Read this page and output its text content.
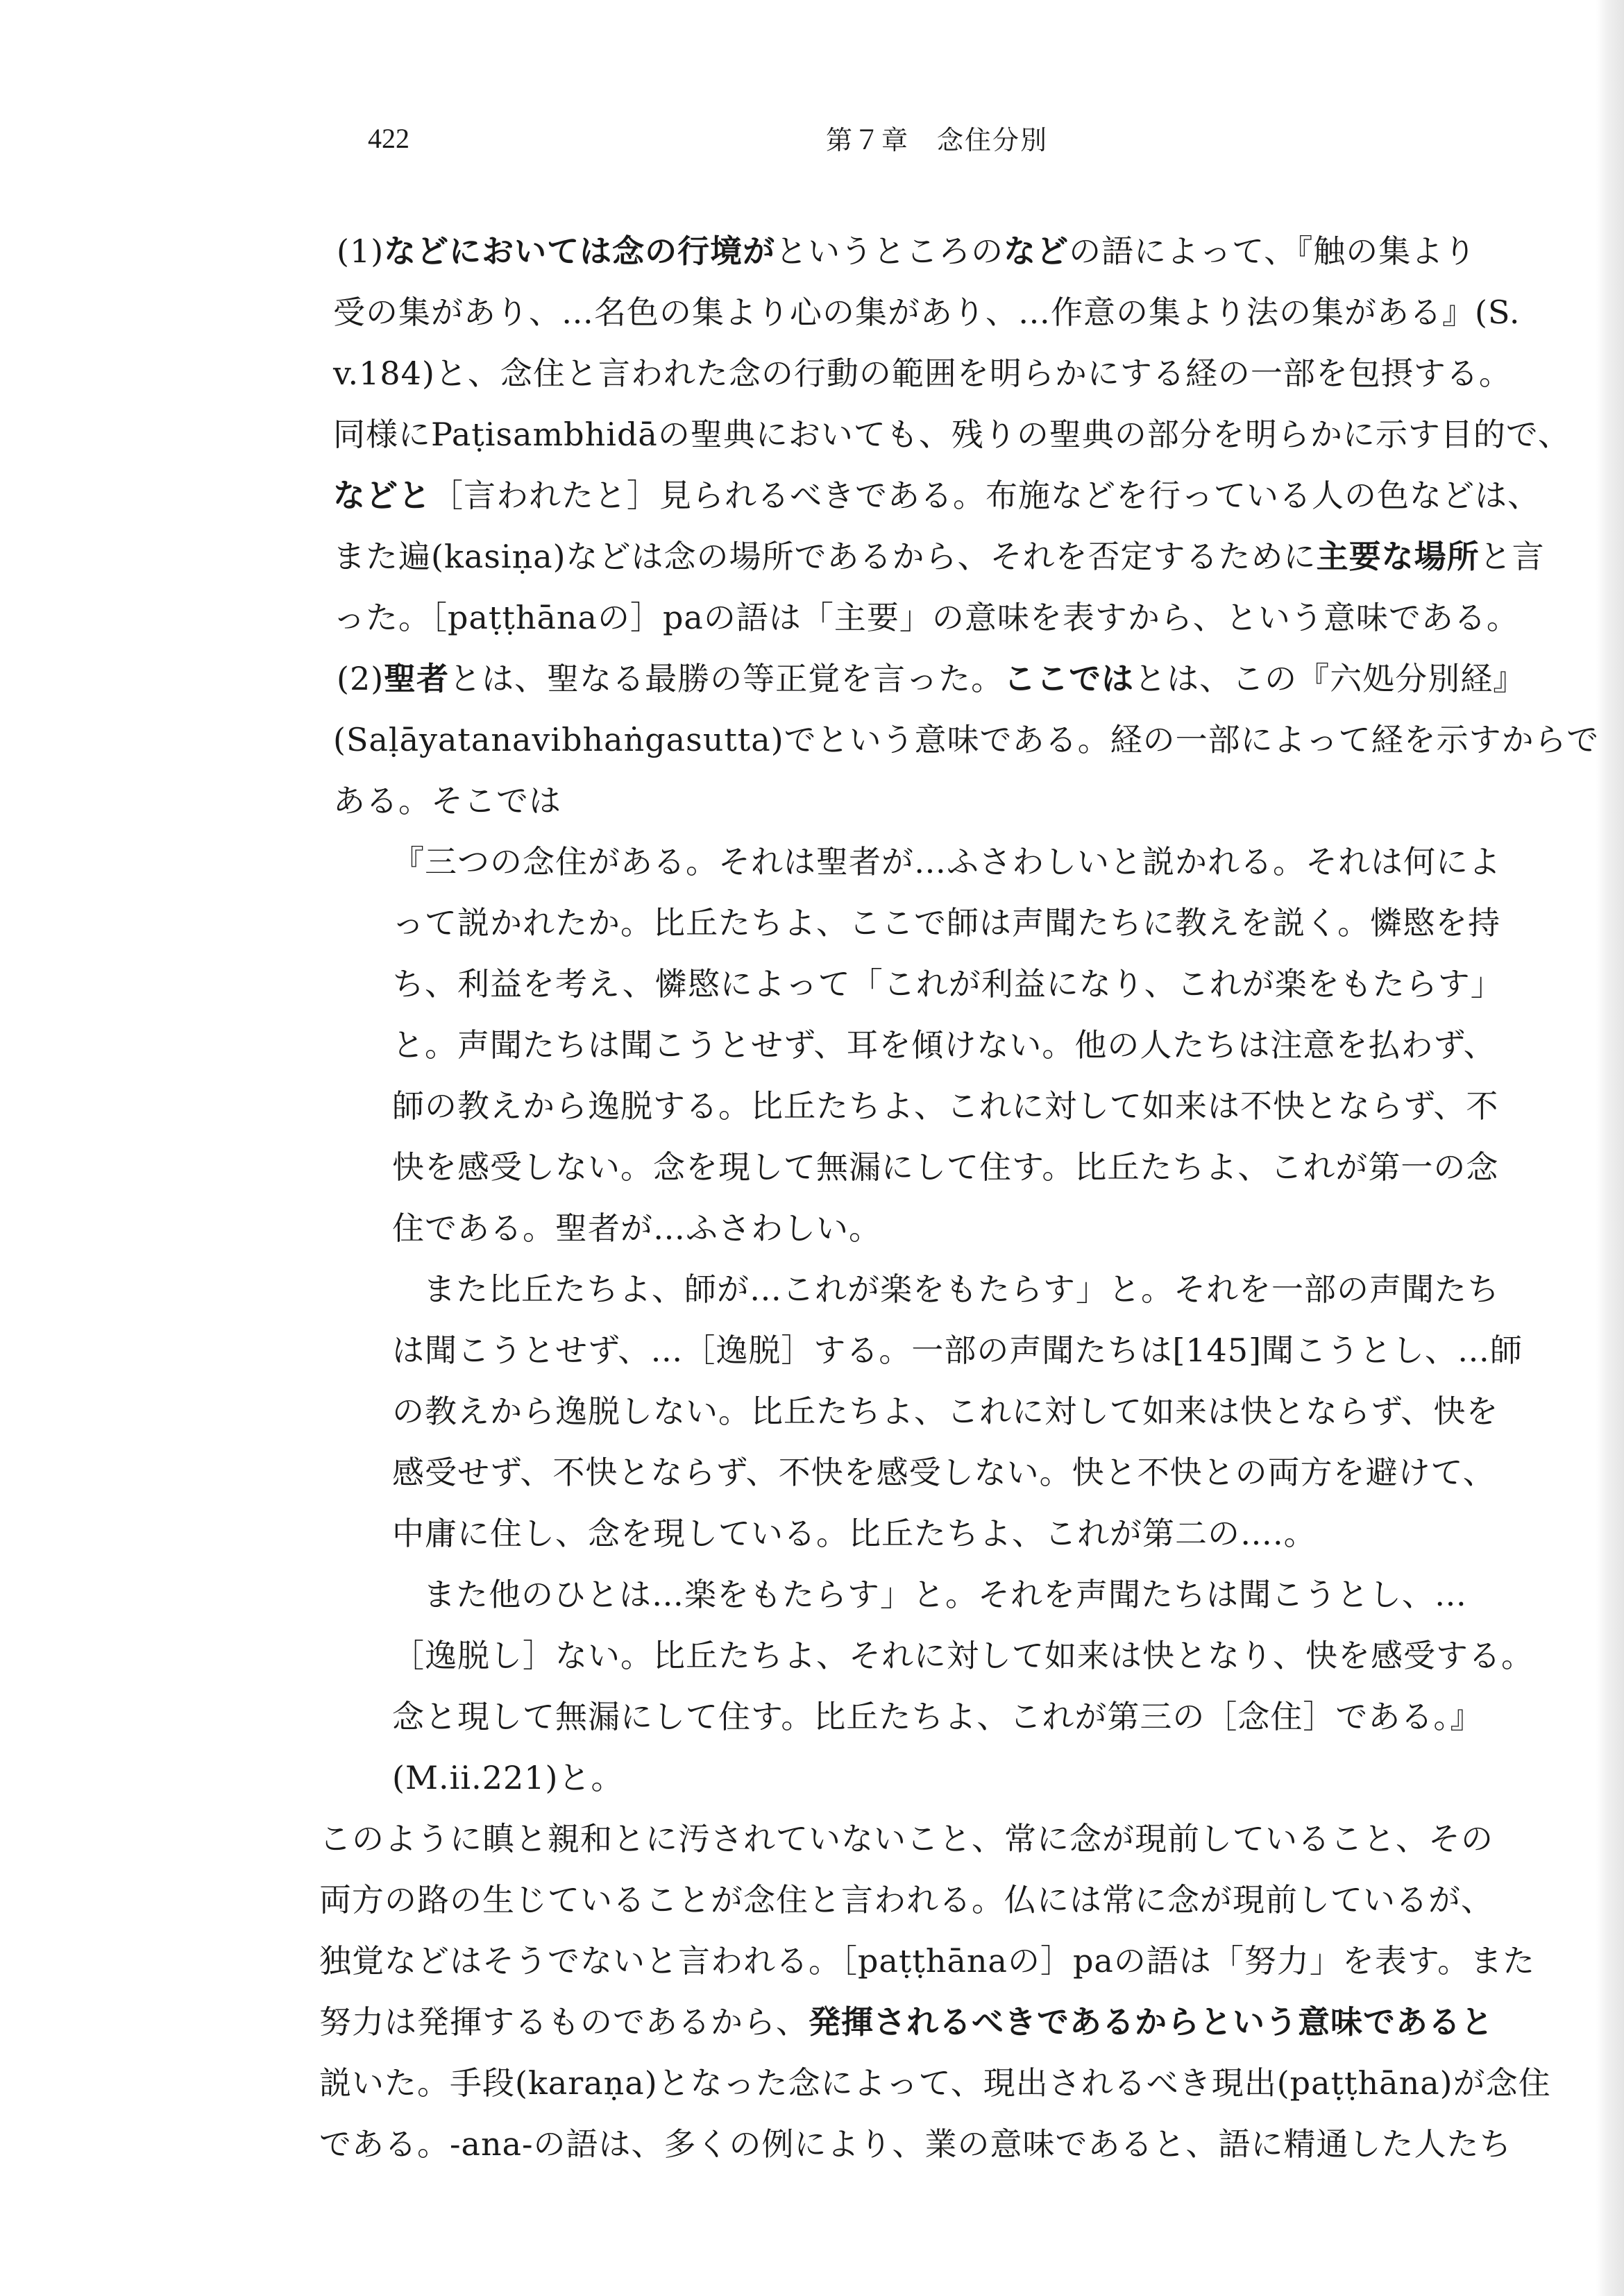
422	第７章　念住分別
(1)などにおいては念の行境がというところのなどの語によって、『触の集より
受の集があり、…名色の集より心の集があり、…作意の集より法の集がある』(S.
v.184)と、念住と言われた念の行動の範囲を明らかにする経の一部を包摂する。
同様にPaṭisambhidāの聖典においても、残りの聖典の部分を明らかに示す目的で、
などと［言われたと］見られるべきである。布施などを行っている人の色などは、
また遍(kasiṇa)などは念の場所であるから、それを否定するために主要な場所と言
った。［paṭṭhānaの］paの語は「主要」の意味を表すから、という意味である。
(2)聖者とは、聖なる最勝の等正覚を言った。ここではとは、この『六処分別経』
(Saḷāyatanavibhaṅgasutta)でという意味である。経の一部によって経を示すからで
ある。そこでは
『三つの念住がある。それは聖者が…ふさわしいと説かれる。それは何によ
って説かれたか。比丘たちよ、ここで師は声聞たちに教えを説く。憐愍を持
ち、利益を考え、憐愍によって「これが利益になり、これが楽をもたらす」
と。声聞たちは聞こうとせず、耳を傾けない。他の人たちは注意を払わず、
師の教えから逸脱する。比丘たちよ、これに対して如来は不快とならず、不
快を感受しない。念を現して無漏にして住す。比丘たちよ、これが第一の念
住である。聖者が…ふさわしい。
また比丘たちよ、師が…これが楽をもたらす」と。それを一部の声聞たち
は聞こうとせず、…［逸脱］する。一部の声聞たちは[145]聞こうとし、…師
の教えから逸脱しない。比丘たちよ、これに対して如来は快とならず、快を
感受せず、不快とならず、不快を感受しない。快と不快との両方を避けて、
中庸に住し、念を現している。比丘たちよ、これが第二の….。
また他のひとは…楽をもたらす」と。それを声聞たちは聞こうとし、…
［逸脱し］ない。比丘たちよ、それに対して如来は快となり、快を感受する。
念と現して無漏にして住す。比丘たちよ、これが第三の［念住］である。』
(M.ii.221)と。
このように瞋と親和とに汚されていないこと、常に念が現前していること、その
両方の路の生じていることが念住と言われる。仏には常に念が現前しているが、
独覚などはそうでないと言われる。［paṭṭhānaの］paの語は「努力」を表す。また
努力は発揮するものであるから、発揮されるべきであるからという意味であると
説いた。手段(karaṇa)となった念によって、現出されるべき現出(paṭṭhāna)が念住
である。-ana-の語は、多くの例により、業の意味であると、語に精通した人たち
